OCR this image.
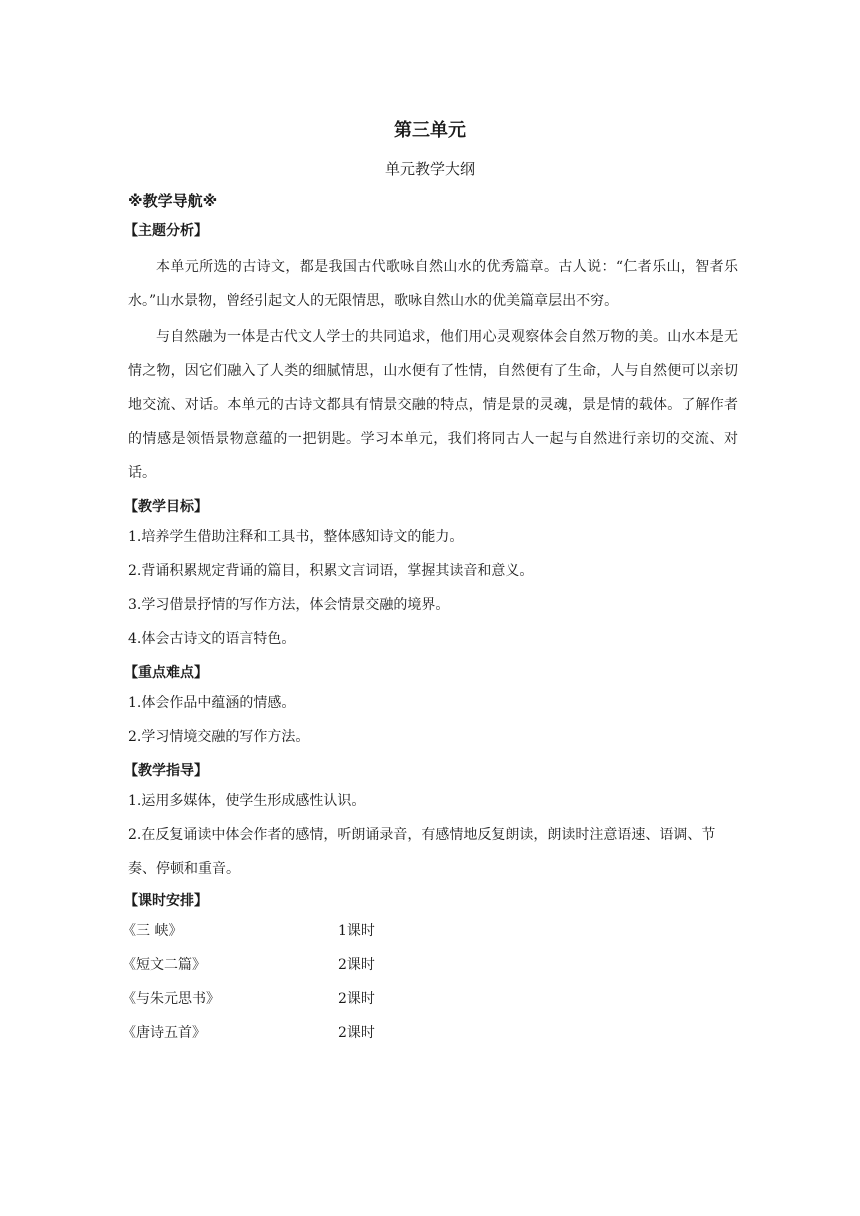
第三单元
单元教学大纲
※教学导航※
【主题分析】

本单元所选的古诗文，都是我国古代歌咏自然山水的优秀篇章。古人说：“仁者乐山，智者乐水。”山水景物，曾经引起文人的无限情思，歌咏自然山水的优美篇章层出不穷。

与自然融为一体是古代文人学士的共同追求，他们用心灵观察体会自然万物的美。山水本是无情之物，因它们融入了人类的细腻情思，山水便有了性情，自然便有了生命，人与自然便可以亲切地交流、对话。本单元的古诗文都具有情景交融的特点，情是景的灵魂，景是情的载体。了解作者的情感是领悟景物意蕴的一把钥匙。学习本单元，我们将同古人一起与自然进行亲切的交流、对话。

【教学目标】
1.培养学生借助注释和工具书，整体感知诗文的能力。
2.背诵积累规定背诵的篇目，积累文言词语，掌握其读音和意义。
3.学习借景抒情的写作方法，体会情景交融的境界。
4.体会古诗文的语言特色。
【重点难点】
1.体会作品中蕴涵的情感。
2.学习情境交融的写作方法。
【教学指导】
1.运用多媒体，使学生形成感性认识。
2.在反复诵读中体会作者的感情，听朗诵录音，有感情地反复朗读，朗读时注意语速、语调、节奏、停顿和重音。
【课时安排】
《三 峡》	1课时
《短文二篇》	2课时
《与朱元思书》	2课时
《唐诗五首》	2课时
